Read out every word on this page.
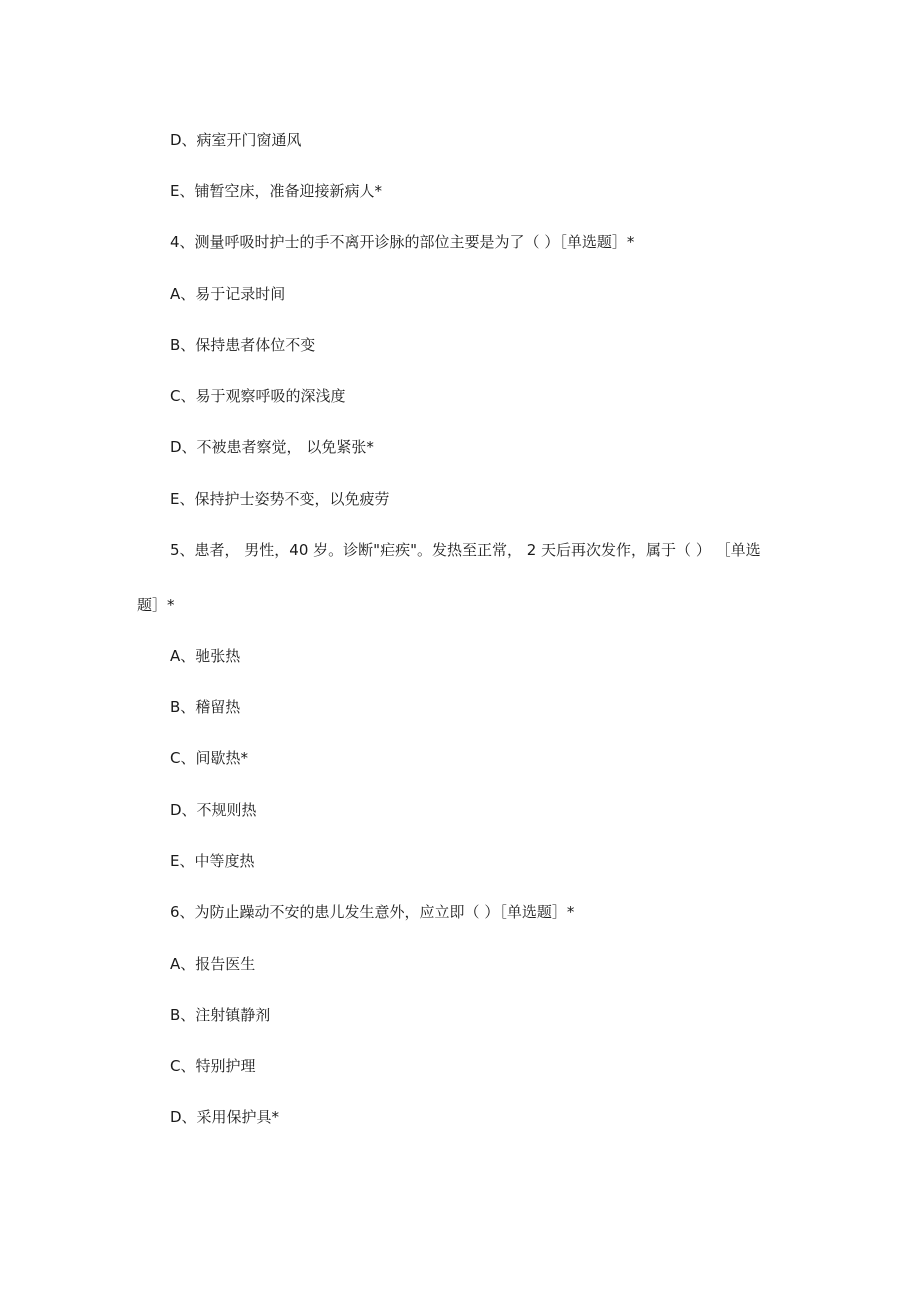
D、病室开门窗通风
E、铺暂空床，准备迎接新病人*
4、测量呼吸时护士的手不离开诊脉的部位主要是为了（ ）［单选题］*
A、易于记录时间
B、保持患者体位不变
C、易于观察呼吸的深浅度
D、不被患者察觉， 以免紧张*
E、保持护士姿势不变，以免疲劳
5、患者， 男性，40 岁。诊断"疟疾"。发热至正常， 2 天后再次发作，属于（ ） ［单选
题］*
A、驰张热
B、稽留热
C、间歇热*
D、不规则热
E、中等度热
6、为防止躁动不安的患儿发生意外，应立即（ ）［单选题］*
A、报告医生
B、注射镇静剂
C、特别护理
D、采用保护具*
